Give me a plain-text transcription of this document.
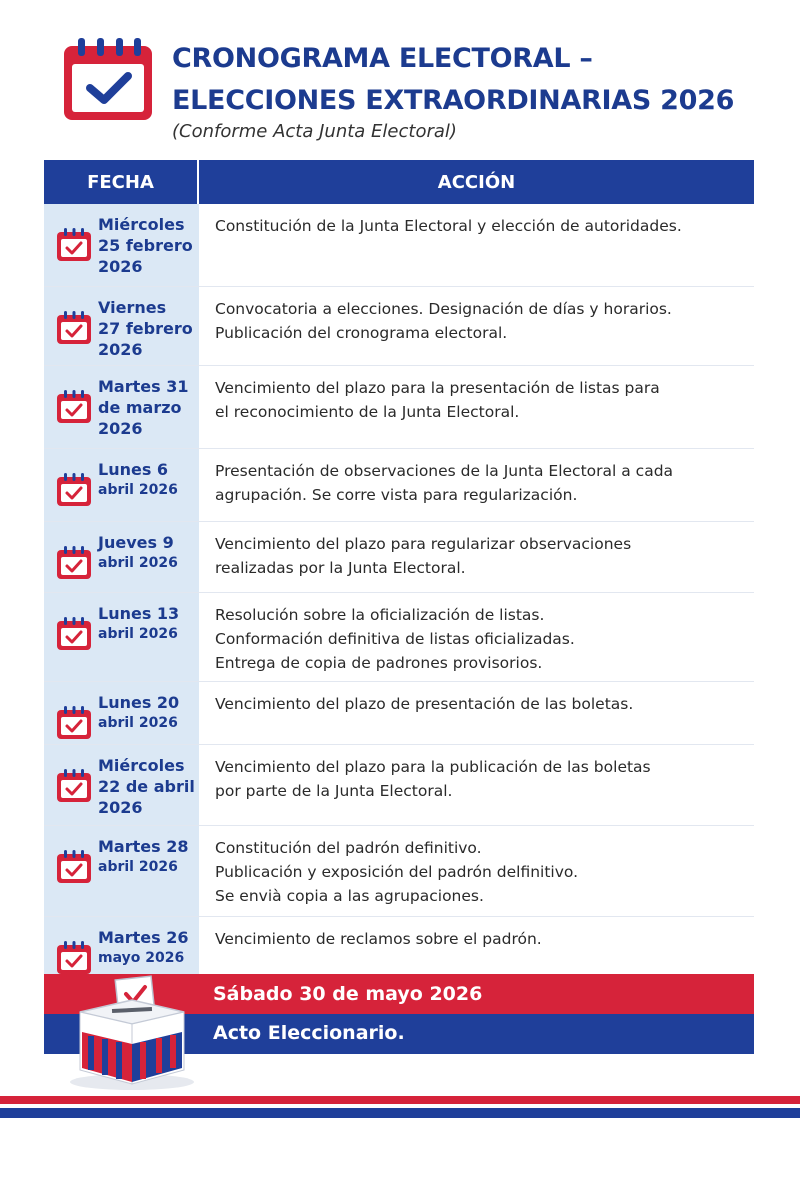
CRONOGRAMA ELECTORAL –
ELECCIONES EXTRAORDINARIAS 2026

(Conforme Acta Junta Electoral)

FECHA	ACCIÓN
Miércoles
25 febrero
2026
Constitución de la Junta Electoral y elección de autoridades.
Viernes
27 febrero
2026
Convocatoria a elecciones. Designación de días y horarios.
Publicación del cronograma electoral.
Martes 31
de marzo
2026
Vencimiento del plazo para la presentación de listas para
el reconocimiento de la Junta Electoral.
Lunes 6
abril 2026
Presentación de observaciones de la Junta Electoral a cada
agrupación. Se corre vista para regularización.
Jueves 9
abril 2026
Vencimiento del plazo para regularizar observaciones
realizadas por la Junta Electoral.
Lunes 13
abril 2026
Resolución sobre la oficialización de listas.
Conformación definitiva de listas oficializadas.
Entrega de copia de padrones provisorios.
Lunes 20
abril 2026
Vencimiento del plazo de presentación de las boletas.
Miércoles
22 de abril
2026
Vencimiento del plazo para la publicación de las boletas
por parte de la Junta Electoral.
Martes 28
abril 2026
Constitución del padrón definitivo.
Publicación y exposición del padrón delfinitivo.
Se envià copia a las agrupaciones.
Martes 26
mayo 2026
Vencimiento de reclamos sobre el padrón.
Sábado 30 de mayo 2026
Acto Eleccionario.
